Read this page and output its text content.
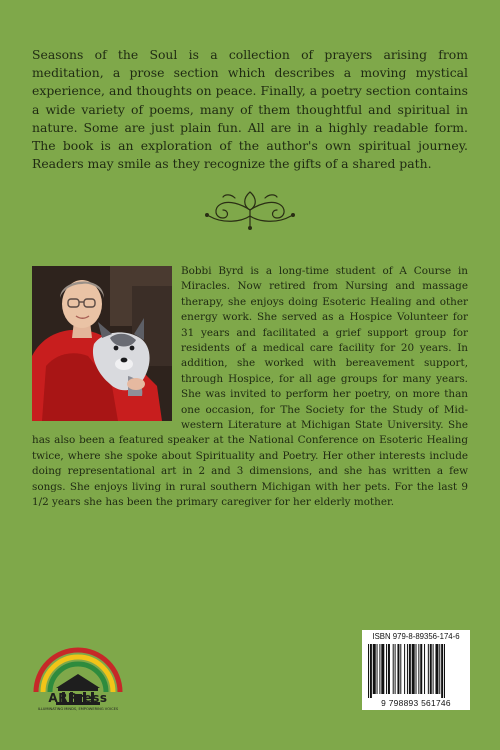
Seasons of the Soul is a collection of prayers arising from meditation, a prose section which describes a moving mystical experience, and thoughts on peace. Finally, a poetry section contains a wide variety of poems, many of them thoughtful and spiritual in nature. Some are just plain fun. All are in a highly readable form. The book is an exploration of the author's own spiritual journey. Readers may smile as they recognize the gifts of a shared path.

Bobbi Byrd is a long-time student of A Course in Miracles. Now retired from Nursing and massage therapy, she enjoys doing Esoteric Healing and other energy work. She served as a Hospice Volunteer for 31 years and facilitated a grief support group for residents of a medical care facility for 20 years. In addition, she worked with bereavement support, through Hospice, for all age groups for many years. She was invited to perform her poetry, on more than one occasion, for The Society for the Study of Mid-western Literature at Michigan State University. She has also been a featured speaker at the National Conference on Esoteric Healing twice, where she spoke about Spirituality and Poetry. Her other interests include doing representational art in 2 and 3 dimensions, and she has written a few songs. She enjoys living in rural southern Michigan with her pets. For the last 9 1/2 years she has been the primary caregiver for her elderly mother.

ARPress
ILLUMINATING MINDS, EMPOWERING VOICES
ISBN 979-8-89356-174-6
9 798893 561746
